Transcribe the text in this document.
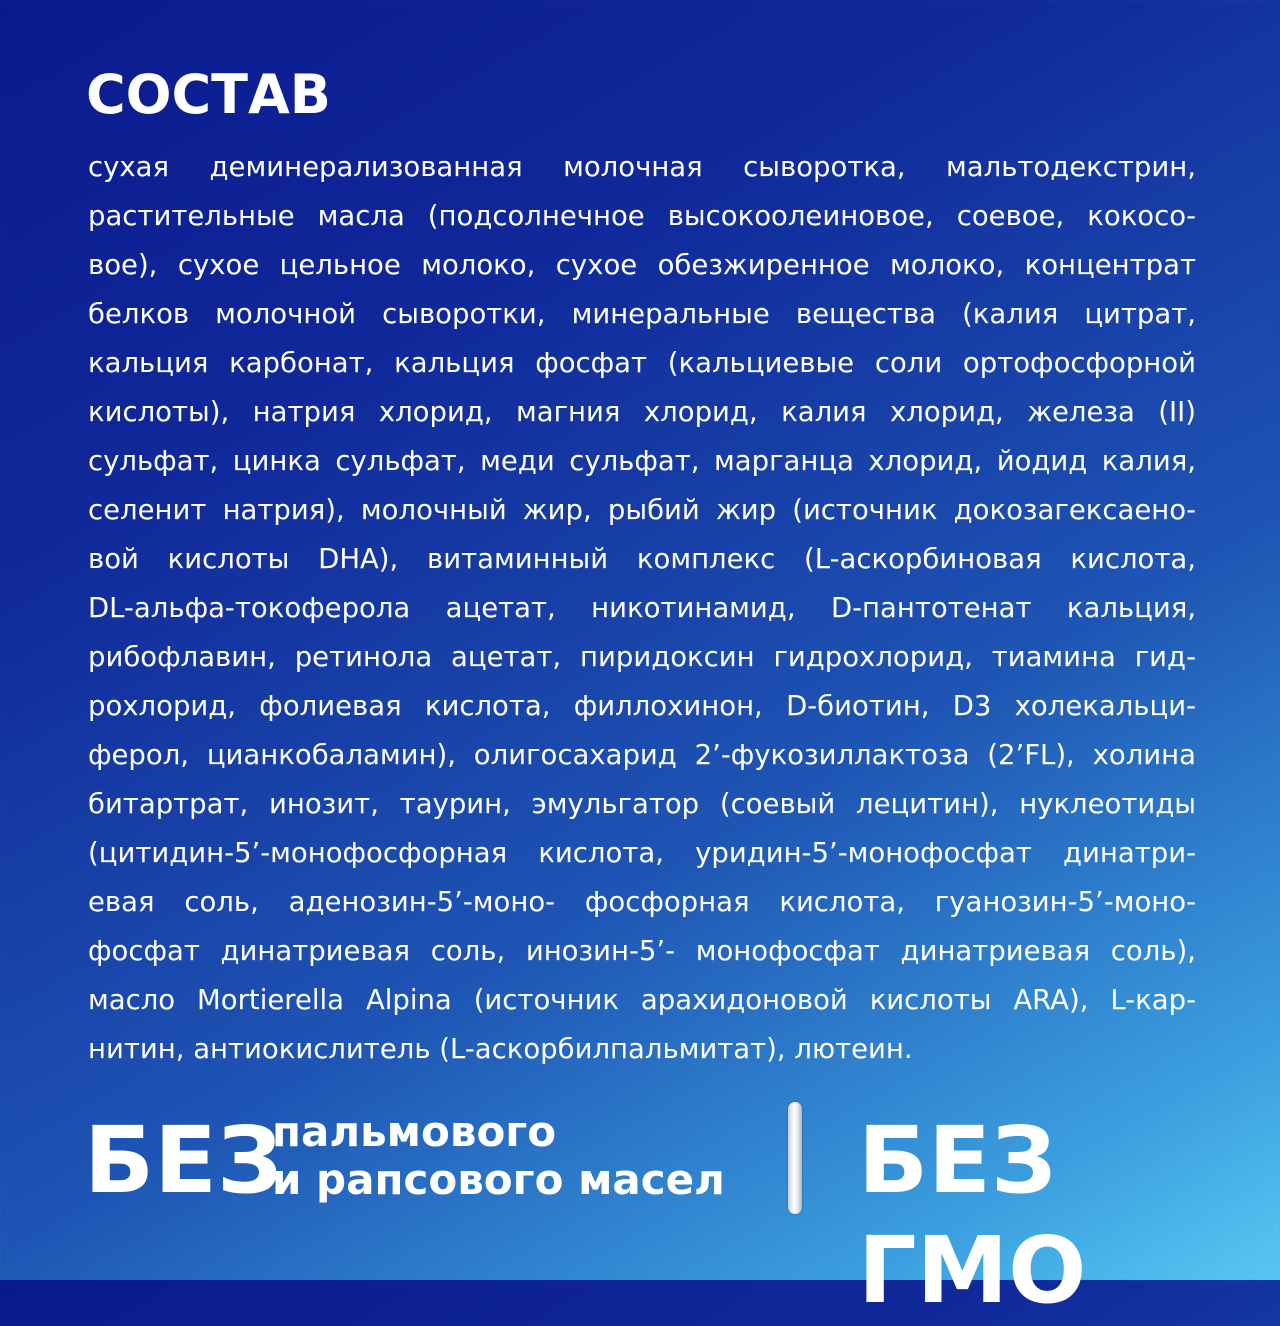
СОСТАВ
сухая деминерализованная молочная сыворотка, мальтодекстрин,
растительные масла (подсолнечное высокоолеиновое, соевое, кокосо-
вое), сухое цельное молоко, сухое обезжиренное молоко, концентрат
белков молочной сыворотки, минеральные вещества (калия цитрат,
кальция карбонат, кальция фосфат (кальциевые соли ортофосфорной
кислоты), натрия хлорид, магния хлорид, калия хлорид, железа (II)
сульфат, цинка сульфат, меди сульфат, марганца хлорид, йодид калия,
селенит натрия), молочный жир, рыбий жир (источник докозагексаено-
вой кислоты DHA), витаминный комплекс (L-аскорбиновая кислота,
DL-альфа-токоферола ацетат, никотинамид, D-пантотенат кальция,
рибофлавин, ретинола ацетат, пиридоксин гидрохлорид, тиамина гид-
рохлорид, фолиевая кислота, филлохинон, D-биотин, D3 холекальци-
ферол, цианкобаламин), олигосахарид 2’-фукозиллактоза (2’FL), холина
битартрат, инозит, таурин, эмульгатор (соевый лецитин), нуклеотиды
(цитидин-5’-монофосфорная кислота, уридин-5’-монофосфат динатри-
евая соль, аденозин-5’-моно- фосфорная кислота, гуанозин-5’-моно-
фосфат динатриевая соль, инозин-5’- монофосфат динатриевая соль),
масло Mortierella Alpina (источник арахидоновой кислоты ARA), L-кар-
нитин, антиокислитель (L-аскорбилпальмитат), лютеин.
БЕЗ
пальмового
и рапсового масел БЕЗ ГМО
